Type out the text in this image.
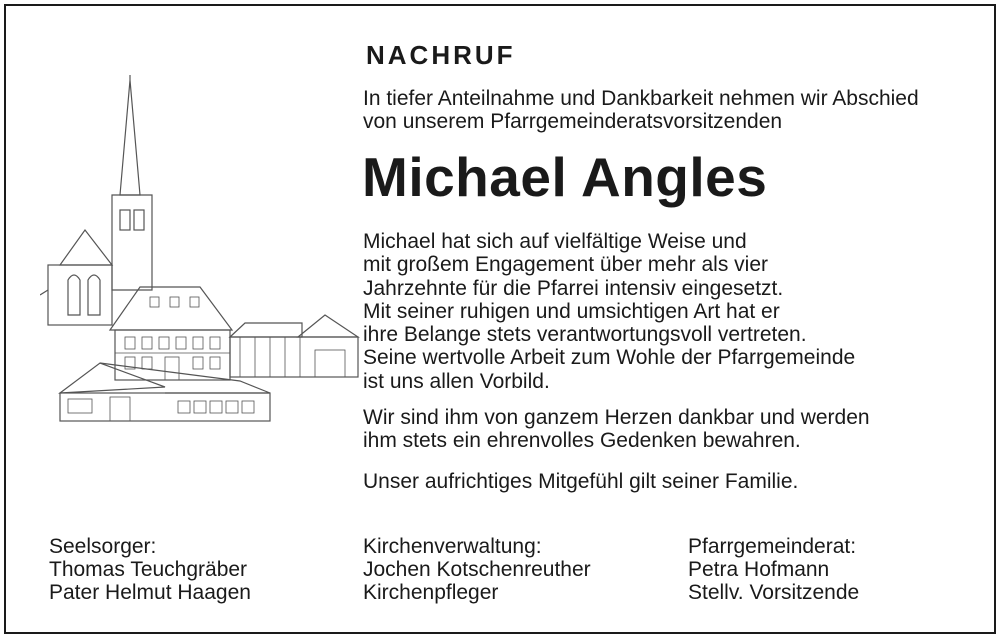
NACHRUF
In tiefer Anteilnahme und Dankbarkeit nehmen wir Abschied
von unserem Pfarrgemeinderatsvorsitzenden
Michael Angles
Michael hat sich auf vielfältige Weise und
mit großem Engagement über mehr als vier
Jahrzehnte für die Pfarrei intensiv eingesetzt.
Mit seiner ruhigen und umsichtigen Art hat er
ihre Belange stets verantwortungsvoll vertreten.
Seine wertvolle Arbeit zum Wohle der Pfarrgemeinde
ist uns allen Vorbild.
Wir sind ihm von ganzem Herzen dankbar und werden
ihm stets ein ehrenvolles Gedenken bewahren.
Unser aufrichtiges Mitgefühl gilt seiner Familie.
Seelsorger:
Thomas Teuchgräber
Pater Helmut Haagen
Kirchenverwaltung:
Jochen Kotschenreuther
Kirchenpfleger
Pfarrgemeinderat:
Petra Hofmann
Stellv. Vorsitzende
